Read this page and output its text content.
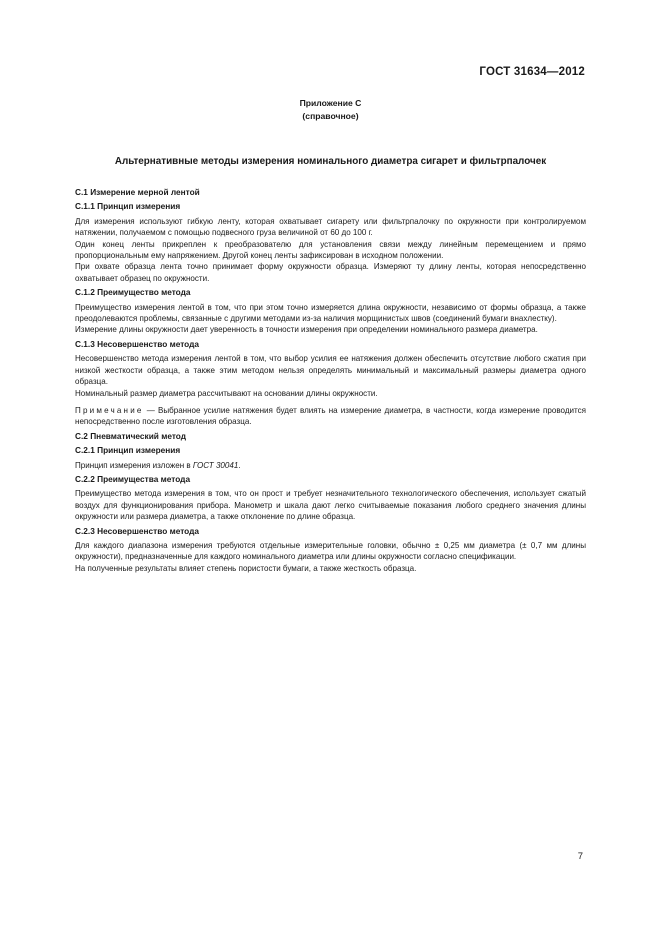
ГОСТ 31634—2012
Приложение С
(справочное)
Альтернативные методы измерения номинального диаметра сигарет и фильтрпалочек

С.1 Измерение мерной лентой

С.1.1 Принцип измерения

Для измерения используют гибкую ленту, которая охватывает сигарету или фильтрпалочку по окружности при контролируемом натяжении, получаемом с помощью подвесного груза величиной от 60 до 100 г.

Один конец ленты прикреплен к преобразователю для установления связи между линейным перемещением и прямо пропорциональным ему напряжением. Другой конец ленты зафиксирован в исходном положении.

При охвате образца лента точно принимает форму окружности образца. Измеряют ту длину ленты, которая непосредственно охватывает образец по окружности.

С.1.2 Преимущество метода

Преимущество измерения лентой в том, что при этом точно измеряется длина окружности, независимо от формы образца, а также преодолеваются проблемы, связанные с другими методами из-за наличия морщинистых швов (соединений бумаги внахлестку).

Измерение длины окружности дает уверенность в точности измерения при определении номинального размера диаметра.

С.1.3 Несовершенство метода

Несовершенство метода измерения лентой в том, что выбор усилия ее натяжения должен обеспечить отсутствие любого сжатия при низкой жесткости образца, а также этим методом нельзя определять минимальный и максимальный размеры диаметра одного образца.

Номинальный размер диаметра рассчитывают на основании длины окружности.

Примечание — Выбранное усилие натяжения будет влиять на измерение диаметра, в частности, когда измерение проводится непосредственно после изготовления образца.

С.2 Пневматический метод

С.2.1 Принцип измерения

Принцип измерения изложен в ГОСТ 30041.

С.2.2 Преимущества метода

Преимущество метода измерения в том, что он прост и требует незначительного технологического обеспечения, использует сжатый воздух для функционирования прибора. Манометр и шкала дают легко считываемые показания любого среднего значения длины окружности или размера диаметра, а также отклонение по длине образца.

С.2.3 Несовершенство метода

Для каждого диапазона измерения требуются отдельные измерительные головки, обычно ± 0,25 мм диаметра (± 0,7 мм длины окружности), предназначенные для каждого номинального диаметра или длины окружности согласно спецификации.

На полученные результаты влияет степень пористости бумаги, а также жесткость образца.

7
